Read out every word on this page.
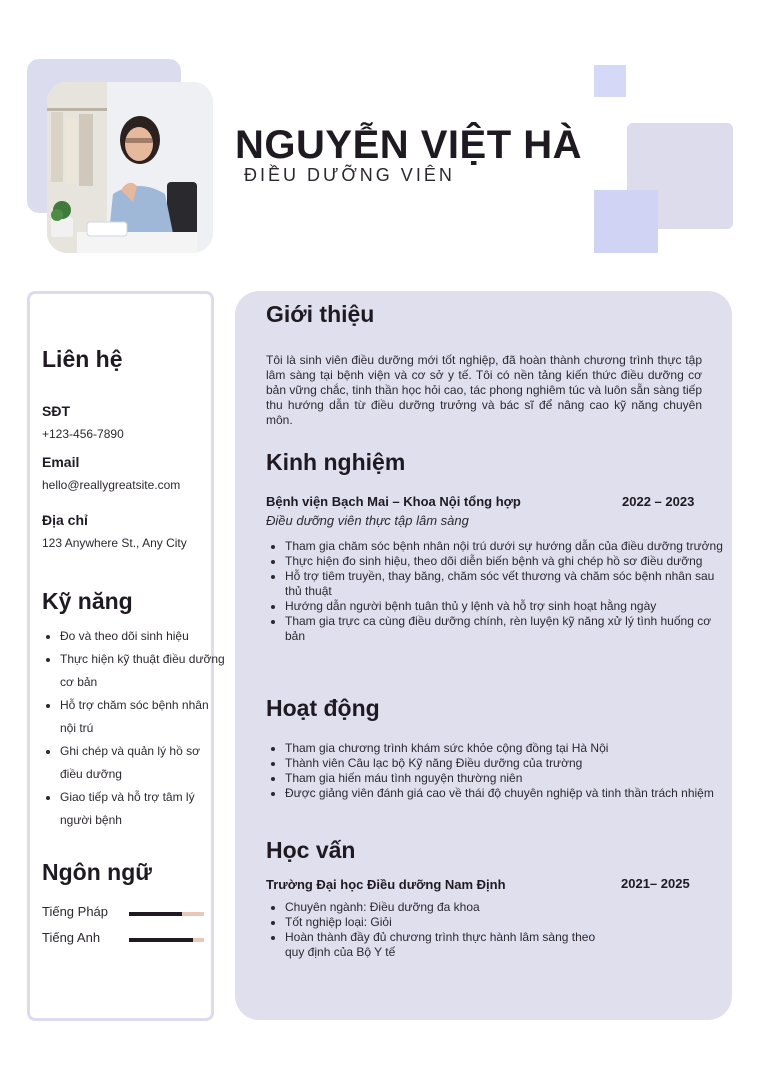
NGUYỄN VIỆT HÀ
ĐIỀU DƯỠNG VIÊN
Liên hệ
SĐT
+123-456-7890
Email
hello@reallygreatsite.com
Địa chỉ
123 Anywhere St., Any City
Kỹ năng
• Đo và theo dõi sinh hiệu
• Thực hiện kỹ thuật điều dưỡng cơ bản
• Hỗ trợ chăm sóc bệnh nhân nội trú
• Ghi chép và quản lý hồ sơ điều dưỡng
• Giao tiếp và hỗ trợ tâm lý người bệnh
Ngôn ngữ
Tiếng Pháp
Tiếng Anh
Giới thiệu

Tôi là sinh viên điều dưỡng mới tốt nghiệp, đã hoàn thành chương trình thực tập lâm sàng tại bệnh viện và cơ sở y tế. Tôi có nền tảng kiến thức điều dưỡng cơ bản vững chắc, tinh thần học hỏi cao, tác phong nghiêm túc và luôn sẵn sàng tiếp thu hướng dẫn từ điều dưỡng trưởng và bác sĩ để nâng cao kỹ năng chuyên môn.

Kinh nghiệm
Bệnh viện Bạch Mai – Khoa Nội tổng hợp	2022 – 2023
Điều dưỡng viên thực tập lâm sàng
• Tham gia chăm sóc bệnh nhân nội trú dưới sự hướng dẫn của điều dưỡng trưởng
• Thực hiện đo sinh hiệu, theo dõi diễn biến bệnh và ghi chép hồ sơ điều dưỡng
• Hỗ trợ tiêm truyền, thay băng, chăm sóc vết thương và chăm sóc bệnh nhân sau thủ thuật
• Hướng dẫn người bệnh tuân thủ y lệnh và hỗ trợ sinh hoạt hằng ngày
• Tham gia trực ca cùng điều dưỡng chính, rèn luyện kỹ năng xử lý tình huống cơ bản
Hoạt động
• Tham gia chương trình khám sức khỏe cộng đồng tại Hà Nội
• Thành viên Câu lạc bộ Kỹ năng Điều dưỡng của trường
• Tham gia hiến máu tình nguyện thường niên
• Được giảng viên đánh giá cao về thái độ chuyên nghiệp và tinh thần trách nhiệm
Học vấn
Trường Đại học Điều dưỡng Nam Định	2021– 2025
• Chuyên ngành: Điều dưỡng đa khoa
• Tốt nghiệp loại: Giỏi
• Hoàn thành đầy đủ chương trình thực hành lâm sàng theo quy định của Bộ Y tế
